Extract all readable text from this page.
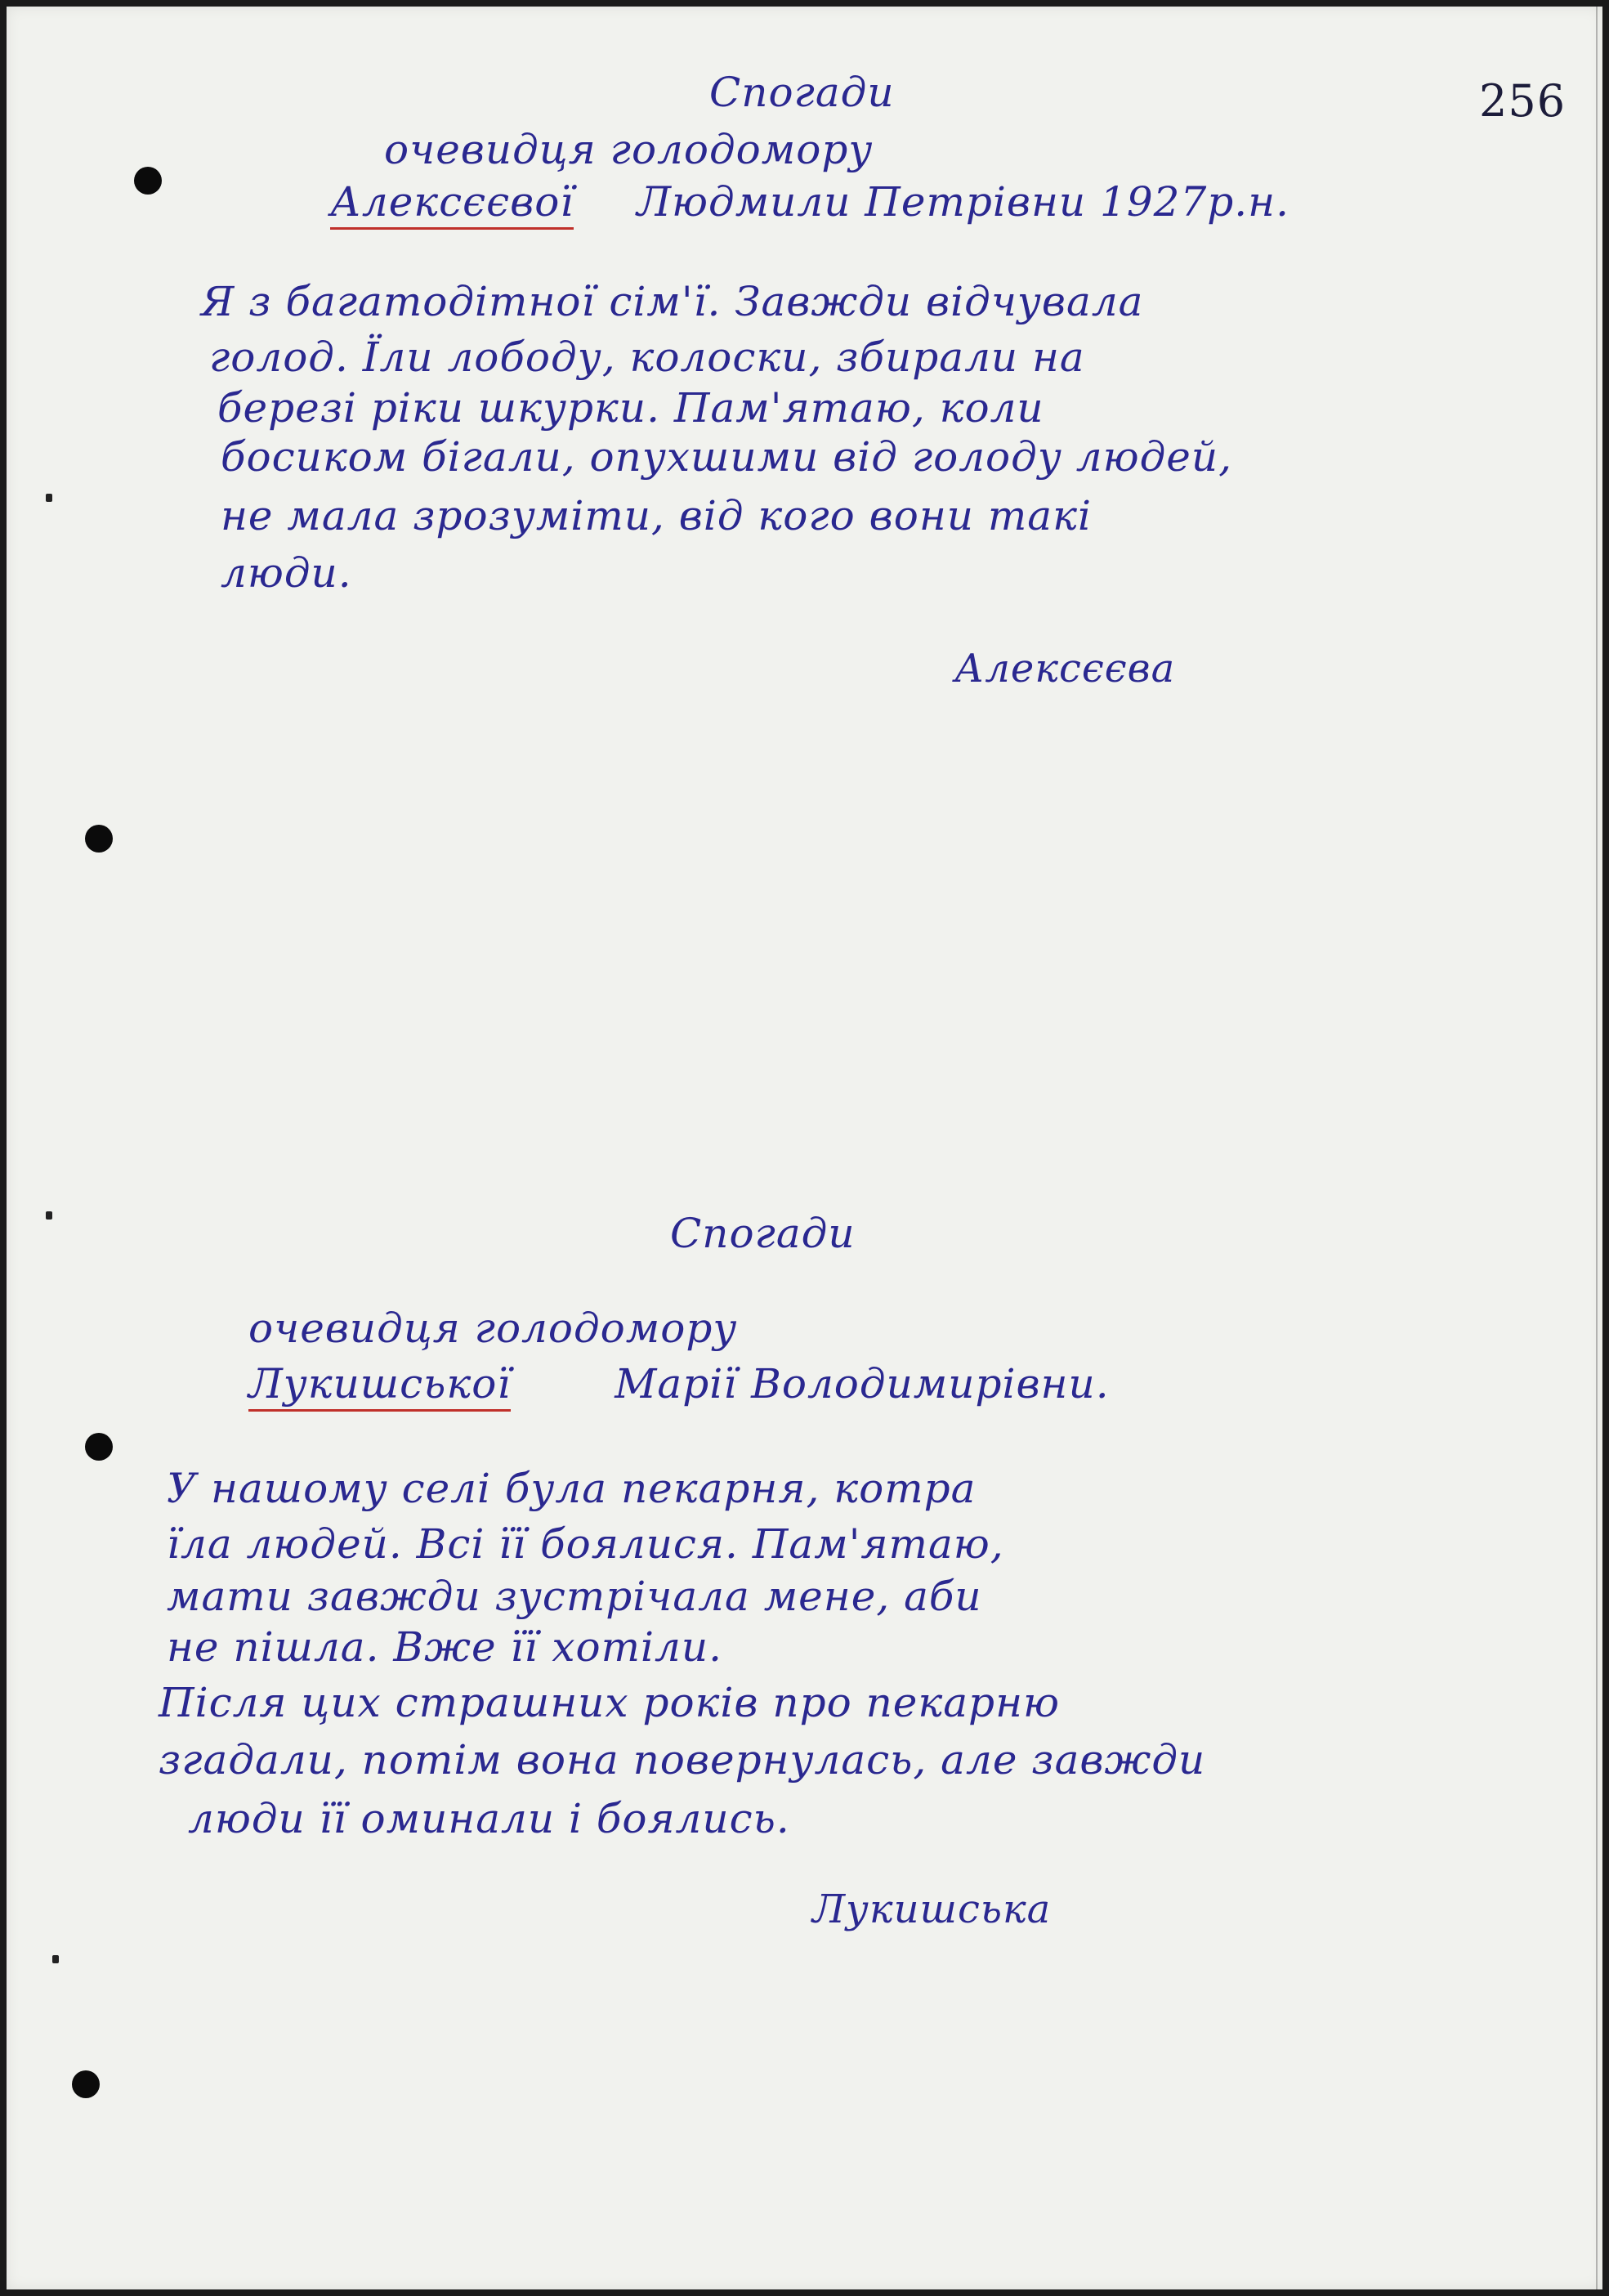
256
Спогади
очевидця голодомору
Алексєєвої Людмили Петрівни 1927р.н.
Я з багатодітної сім'ї. Завжди відчувала
голод. Їли лободу, колоски, збирали на
березі ріки шкурки. Пам'ятаю, коли
босиком бігали, опухшими від голоду людей,
не мала зрозуміти, від кого вони такі
люди.
Алексєєва
Спогади
очевидця голодомору
Лукишської	Марії Володимирівни.
У нашому селі була пекарня, котра
їла людей. Всі її боялися. Пам'ятаю,
мати завжди зустрічала мене, аби
не пішла. Вже її хотіли.
Після цих страшних років про пекарню
згадали, потім вона повернулась, але завжди
люди її оминали і боялись.
Лукишська
